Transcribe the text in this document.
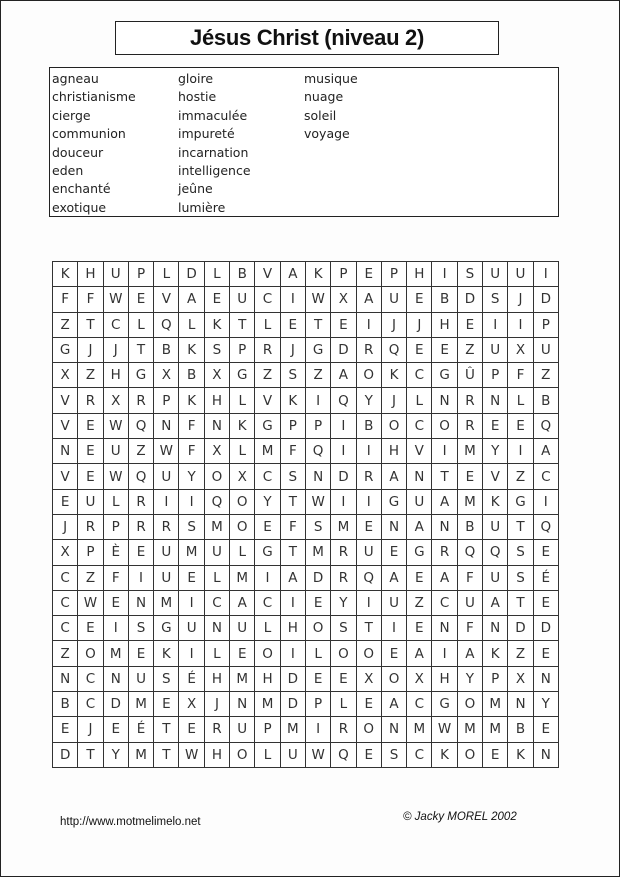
Jésus Christ (niveau 2)
agneau
christianisme
cierge
communion
douceur
eden
enchanté
exotique
gloire
hostie
immaculée
impureté
incarnation
intelligence
jeûne
lumière
musique
nuage
soleil
voyage
K	H	U	P	L	D	L	B	V	A	K	P	E	P	H	I	S	U	U	I
F	F	W	E	V	A	E	U	C	I	W	X	A	U	E	B	D	S	J	D
Z	T	C	L	Q	L	K	T	L	E	T	E	I	J	J	H	E	I	I	P
G	J	J	T	B	K	S	P	R	J	G	D	R	Q	E	E	Z	U	X	U
X	Z	H	G	X	B	X	G	Z	S	Z	A	O	K	C	G	Û	P	F	Z
V	R	X	R	P	K	H	L	V	K	I	Q	Y	J	L	N	R	N	L	B
V	E	W	Q	N	F	N	K	G	P	P	I	B	O	C	O	R	E	E	Q
N	E	U	Z	W	F	X	L	M	F	Q	I	I	H	V	I	M	Y	I	A
V	E	W	Q	U	Y	O	X	C	S	N	D	R	A	N	T	E	V	Z	C
E	U	L	R	I	I	Q	O	Y	T	W	I	I	G	U	A	M	K	G	I
J	R	P	R	R	S	M	O	E	F	S	M	E	N	A	N	B	U	T	Q
X	P	È	E	U	M	U	L	G	T	M	R	U	E	G	R	Q	Q	S	E
C	Z	F	I	U	E	L	M	I	A	D	R	Q	A	E	A	F	U	S	É
C	W	E	N	M	I	C	A	C	I	E	Y	I	U	Z	C	U	A	T	E
C	E	I	S	G	U	N	U	L	H	O	S	T	I	E	N	F	N	D	D
Z	O	M	E	K	I	L	E	O	I	L	O	O	E	A	I	A	K	Z	E
N	C	N	U	S	É	H	M	H	D	E	E	X	O	X	H	Y	P	X	N
B	C	D	M	E	X	J	N	M	D	P	L	E	A	C	G	O	M	N	Y
E	J	E	É	T	E	R	U	P	M	I	R	O	N	M	W	M	M	B	E
D	T	Y	M	T	W	H	O	L	U	W	Q	E	S	C	K	O	E	K	N
http://www.motmelimelo.net	© Jacky MOREL 2002
